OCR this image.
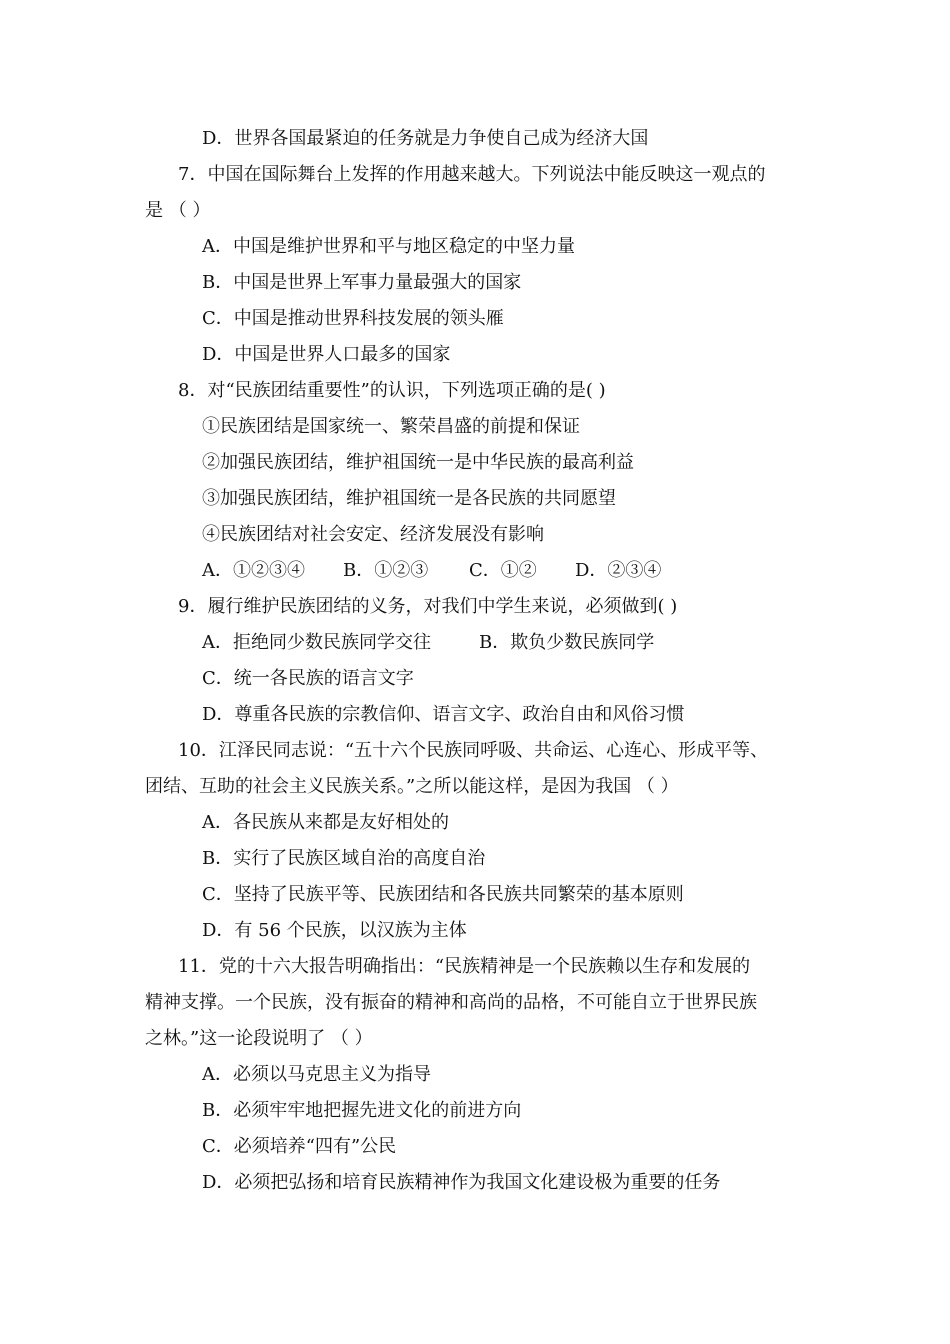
D．世界各国最紧迫的任务就是力争使自己成为经济大国
7．中国在国际舞台上发挥的作用越来越大。下列说法中能反映这一观点的
是 （ ）
A．中国是维护世界和平与地区稳定的中坚力量
B．中国是世界上军事力量最强大的国家
C．中国是推动世界科技发展的领头雁
D．中国是世界人口最多的国家
8．对“民族团结重要性”的认识，下列选项正确的是( )
①民族团结是国家统一、繁荣昌盛的前提和保证
②加强民族团结，维护祖国统一是中华民族的最高利益
③加强民族团结，维护祖国统一是各民族的共同愿望
④民族团结对社会安定、经济发展没有影响
A．①②③④ B．①②③ C．①② D．②③④
9．履行维护民族团结的义务，对我们中学生来说，必须做到( )
A．拒绝同少数民族同学交往	B．欺负少数民族同学
C．统一各民族的语言文字
D．尊重各民族的宗教信仰、语言文字、政治自由和风俗习惯
10．江泽民同志说：“五十六个民族同呼吸、共命运、心连心、形成平等、
团结、互助的社会主义民族关系。”之所以能这样，是因为我国 （ ）
A．各民族从来都是友好相处的
B．实行了民族区域自治的高度自治
C．坚持了民族平等、民族团结和各民族共同繁荣的基本原则
D．有 56 个民族，以汉族为主体
11．党的十六大报告明确指出：“民族精神是一个民族赖以生存和发展的
精神支撑。一个民族，没有振奋的精神和高尚的品格，不可能自立于世界民族
之林。”这一论段说明了 （ ）
A．必须以马克思主义为指导
B．必须牢牢地把握先进文化的前进方向
C．必须培养“四有”公民
D．必须把弘扬和培育民族精神作为我国文化建设极为重要的任务
